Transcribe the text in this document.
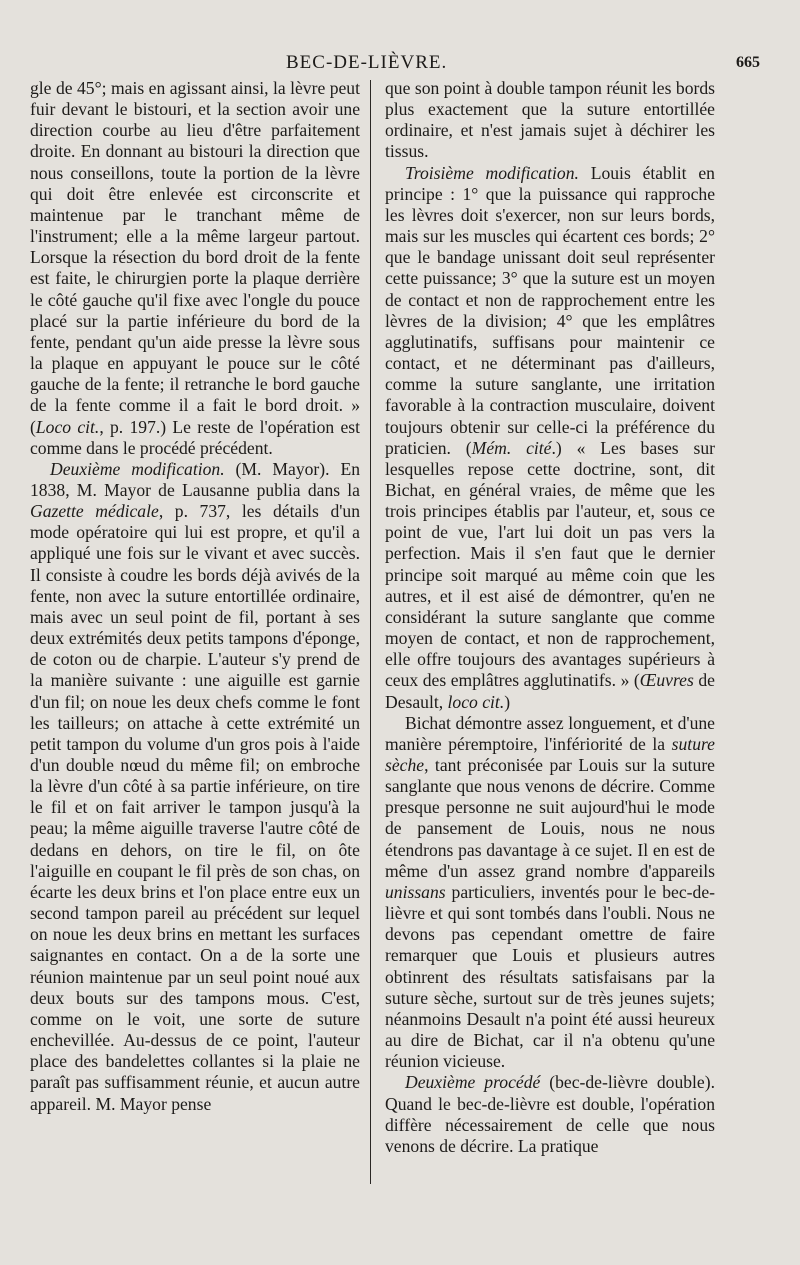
BEC-DE-LIÈVRE.	665

gle de 45°; mais en agissant ainsi, la lèvre peut fuir devant le bistouri, et la section avoir une direction courbe au lieu d'être parfaitement droite. En donnant au bistouri la direction que nous conseillons, toute la portion de la lèvre qui doit être enlevée est circonscrite et maintenue par le tranchant même de l'instrument; elle a la même largeur partout. Lorsque la résection du bord droit de la fente est faite, le chirurgien porte la plaque derrière le côté gauche qu'il fixe avec l'ongle du pouce placé sur la partie inférieure du bord de la fente, pendant qu'un aide presse la lèvre sous la plaque en appuyant le pouce sur le côté gauche de la fente; il retranche le bord gauche de la fente comme il a fait le bord droit. » (Loco cit., p. 197.) Le reste de l'opération est comme dans le procédé précédent.

Deuxième modification. (M. Mayor). En 1838, M. Mayor de Lausanne publia dans la Gazette médicale, p. 737, les détails d'un mode opératoire qui lui est propre, et qu'il a appliqué une fois sur le vivant et avec succès. Il consiste à coudre les bords déjà avivés de la fente, non avec la suture entortillée ordinaire, mais avec un seul point de fil, portant à ses deux extrémités deux petits tampons d'éponge, de coton ou de charpie. L'auteur s'y prend de la manière suivante : une aiguille est garnie d'un fil; on noue les deux chefs comme le font les tailleurs; on attache à cette extrémité un petit tampon du volume d'un gros pois à l'aide d'un double nœud du même fil; on embroche la lèvre d'un côté à sa partie inférieure, on tire le fil et on fait arriver le tampon jusqu'à la peau; la même aiguille traverse l'autre côté de dedans en dehors, on tire le fil, on ôte l'aiguille en coupant le fil près de son chas, on écarte les deux brins et l'on place entre eux un second tampon pareil au précédent sur lequel on noue les deux brins en mettant les surfaces saignantes en contact. On a de la sorte une réunion maintenue par un seul point noué aux deux bouts sur des tampons mous. C'est, comme on le voit, une sorte de suture enchevillée. Au-dessus de ce point, l'auteur place des bandelettes collantes si la plaie ne paraît pas suffisamment réunie, et aucun autre appareil. M. Mayor pense

que son point à double tampon réunit les bords plus exactement que la suture entortillée ordinaire, et n'est jamais sujet à déchirer les tissus.

Troisième modification. Louis établit en principe : 1° que la puissance qui rapproche les lèvres doit s'exercer, non sur leurs bords, mais sur les muscles qui écartent ces bords; 2° que le bandage unissant doit seul représenter cette puissance; 3° que la suture est un moyen de contact et non de rapprochement entre les lèvres de la division; 4° que les emplâtres agglutinatifs, suffisans pour maintenir ce contact, et ne déterminant pas d'ailleurs, comme la suture sanglante, une irritation favorable à la contraction musculaire, doivent toujours obtenir sur celle-ci la préférence du praticien. (Mém. cité.) « Les bases sur lesquelles repose cette doctrine, sont, dit Bichat, en général vraies, de même que les trois principes établis par l'auteur, et, sous ce point de vue, l'art lui doit un pas vers la perfection. Mais il s'en faut que le dernier principe soit marqué au même coin que les autres, et il est aisé de démontrer, qu'en ne considérant la suture sanglante que comme moyen de contact, et non de rapprochement, elle offre toujours des avantages supérieurs à ceux des emplâtres agglutinatifs. » (Œuvres de Desault, loco cit.)

Bichat démontre assez longuement, et d'une manière péremptoire, l'infériorité de la suture sèche, tant préconisée par Louis sur la suture sanglante que nous venons de décrire. Comme presque personne ne suit aujourd'hui le mode de pansement de Louis, nous ne nous étendrons pas davantage à ce sujet. Il en est de même d'un assez grand nombre d'appareils unissans particuliers, inventés pour le bec-de-lièvre et qui sont tombés dans l'oubli. Nous ne devons pas cependant omettre de faire remarquer que Louis et plusieurs autres obtinrent des résultats satisfaisans par la suture sèche, surtout sur de très jeunes sujets; néanmoins Desault n'a point été aussi heureux au dire de Bichat, car il n'a obtenu qu'une réunion vicieuse.

Deuxième procédé (bec-de-lièvre double). Quand le bec-de-lièvre est double, l'opération diffère nécessairement de celle que nous venons de décrire. La pratique
